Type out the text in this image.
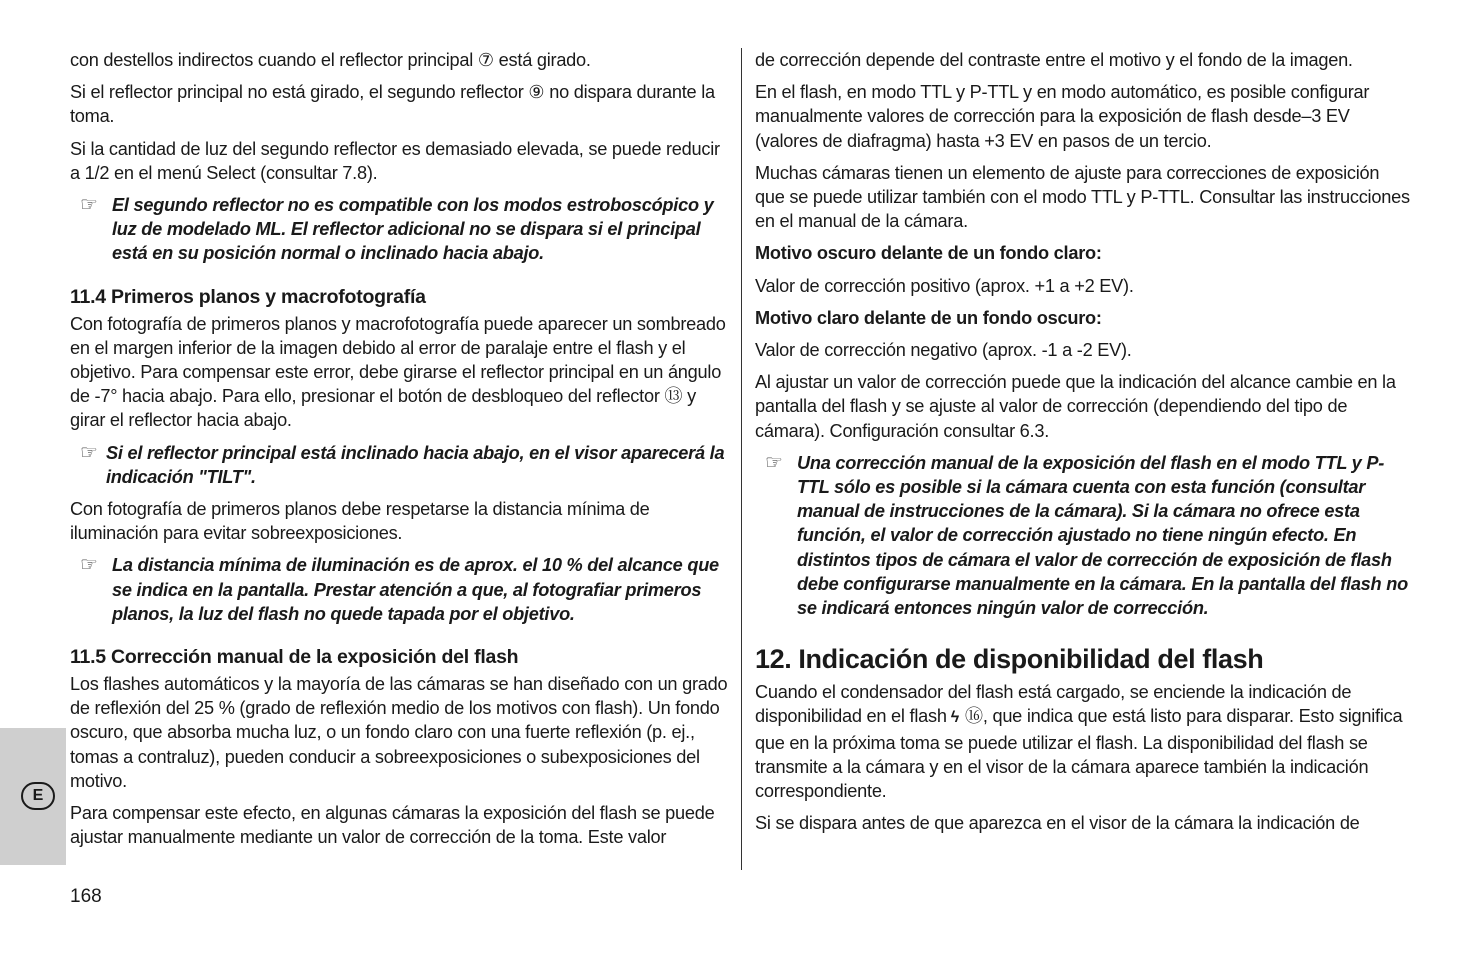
con destellos indirectos cuando el reflector principal ⑦ está girado.

Si el reflector principal no está girado, el segundo reflector ⑨ no dispara durante la toma.

Si la cantidad de luz del segundo reflector es demasiado elevada, se puede reducir a 1/2 en el menú Select (consultar 7.8).

☞ El segundo reflector no es compatible con los modos estroboscópico y luz de modelado ML. El reflector adicional no se dispara si el principal está en su posición normal o inclinado hacia abajo.
11.4 Primeros planos y macrofotografía

Con fotografía de primeros planos y macrofotografía puede aparecer un sombreado en el margen inferior de la imagen debido al error de paralaje entre el flash y el objetivo. Para compensar este error, debe girarse el reflector principal en un ángulo de -7° hacia abajo. Para ello, presionar el botón de desbloqueo del reflector ⑬ y girar el reflector hacia abajo.

☞ Si el reflector principal está inclinado hacia abajo, en el visor aparecerá la indicación "TILT".

Con fotografía de primeros planos debe respetarse la distancia mínima de iluminación para evitar sobreexposiciones.

☞ La distancia mínima de iluminación es de aprox. el 10 % del alcance que se indica en la pantalla. Prestar atención a que, al fotografiar primeros planos, la luz del flash no quede tapada por el objetivo.
11.5 Corrección manual de la exposición del flash

Los flashes automáticos y la mayoría de las cámaras se han diseñado con un grado de reflexión del 25 % (grado de reflexión medio de los motivos con flash). Un fondo oscuro, que absorba mucha luz, o un fondo claro con una fuerte reflexión (p. ej., tomas a contraluz), pueden conducir a sobreexposiciones o subexposiciones del motivo.

Para compensar este efecto, en algunas cámaras la exposición del flash se puede ajustar manualmente mediante un valor de corrección de la toma. Este valor

de corrección depende del contraste entre el motivo y el fondo de la imagen.

En el flash, en modo TTL y P-TTL y en modo automático, es posible configurar manualmente valores de corrección para la exposición de flash desde–3 EV (valores de diafragma) hasta +3 EV en pasos de un tercio.

Muchas cámaras tienen un elemento de ajuste para correcciones de exposición que se puede utilizar también con el modo TTL y P-TTL. Consultar las instrucciones en el manual de la cámara.

Motivo oscuro delante de un fondo claro:

Valor de corrección positivo (aprox. +1 a +2 EV).

Motivo claro delante de un fondo oscuro:

Valor de corrección negativo (aprox. -1 a -2 EV).

Al ajustar un valor de corrección puede que la indicación del alcance cambie en la pantalla del flash y se ajuste al valor de corrección (dependiendo del tipo de cámara). Configuración consultar 6.3.

☞ Una corrección manual de la exposición del flash en el modo TTL y P-TTL sólo es posible si la cámara cuenta con esta función (consultar manual de instrucciones de la cámara). Si la cámara no ofrece esta función, el valor de corrección ajustado no tiene ningún efecto. En distintos tipos de cámara el valor de corrección de exposición de flash debe configurarse manualmente en la cámara. En la pantalla del flash no se indicará entonces ningún valor de corrección.
12. Indicación de disponibilidad del flash

Cuando el condensador del flash está cargado, se enciende la indicación de disponibilidad en el flash ϟ ⑯, que indica que está listo para disparar. Esto significa que en la próxima toma se puede utilizar el flash. La disponibilidad del flash se transmite a la cámara y en el visor de la cámara aparece también la indicación correspondiente.

Si se dispara antes de que aparezca en el visor de la cámara la indicación de

E
168
